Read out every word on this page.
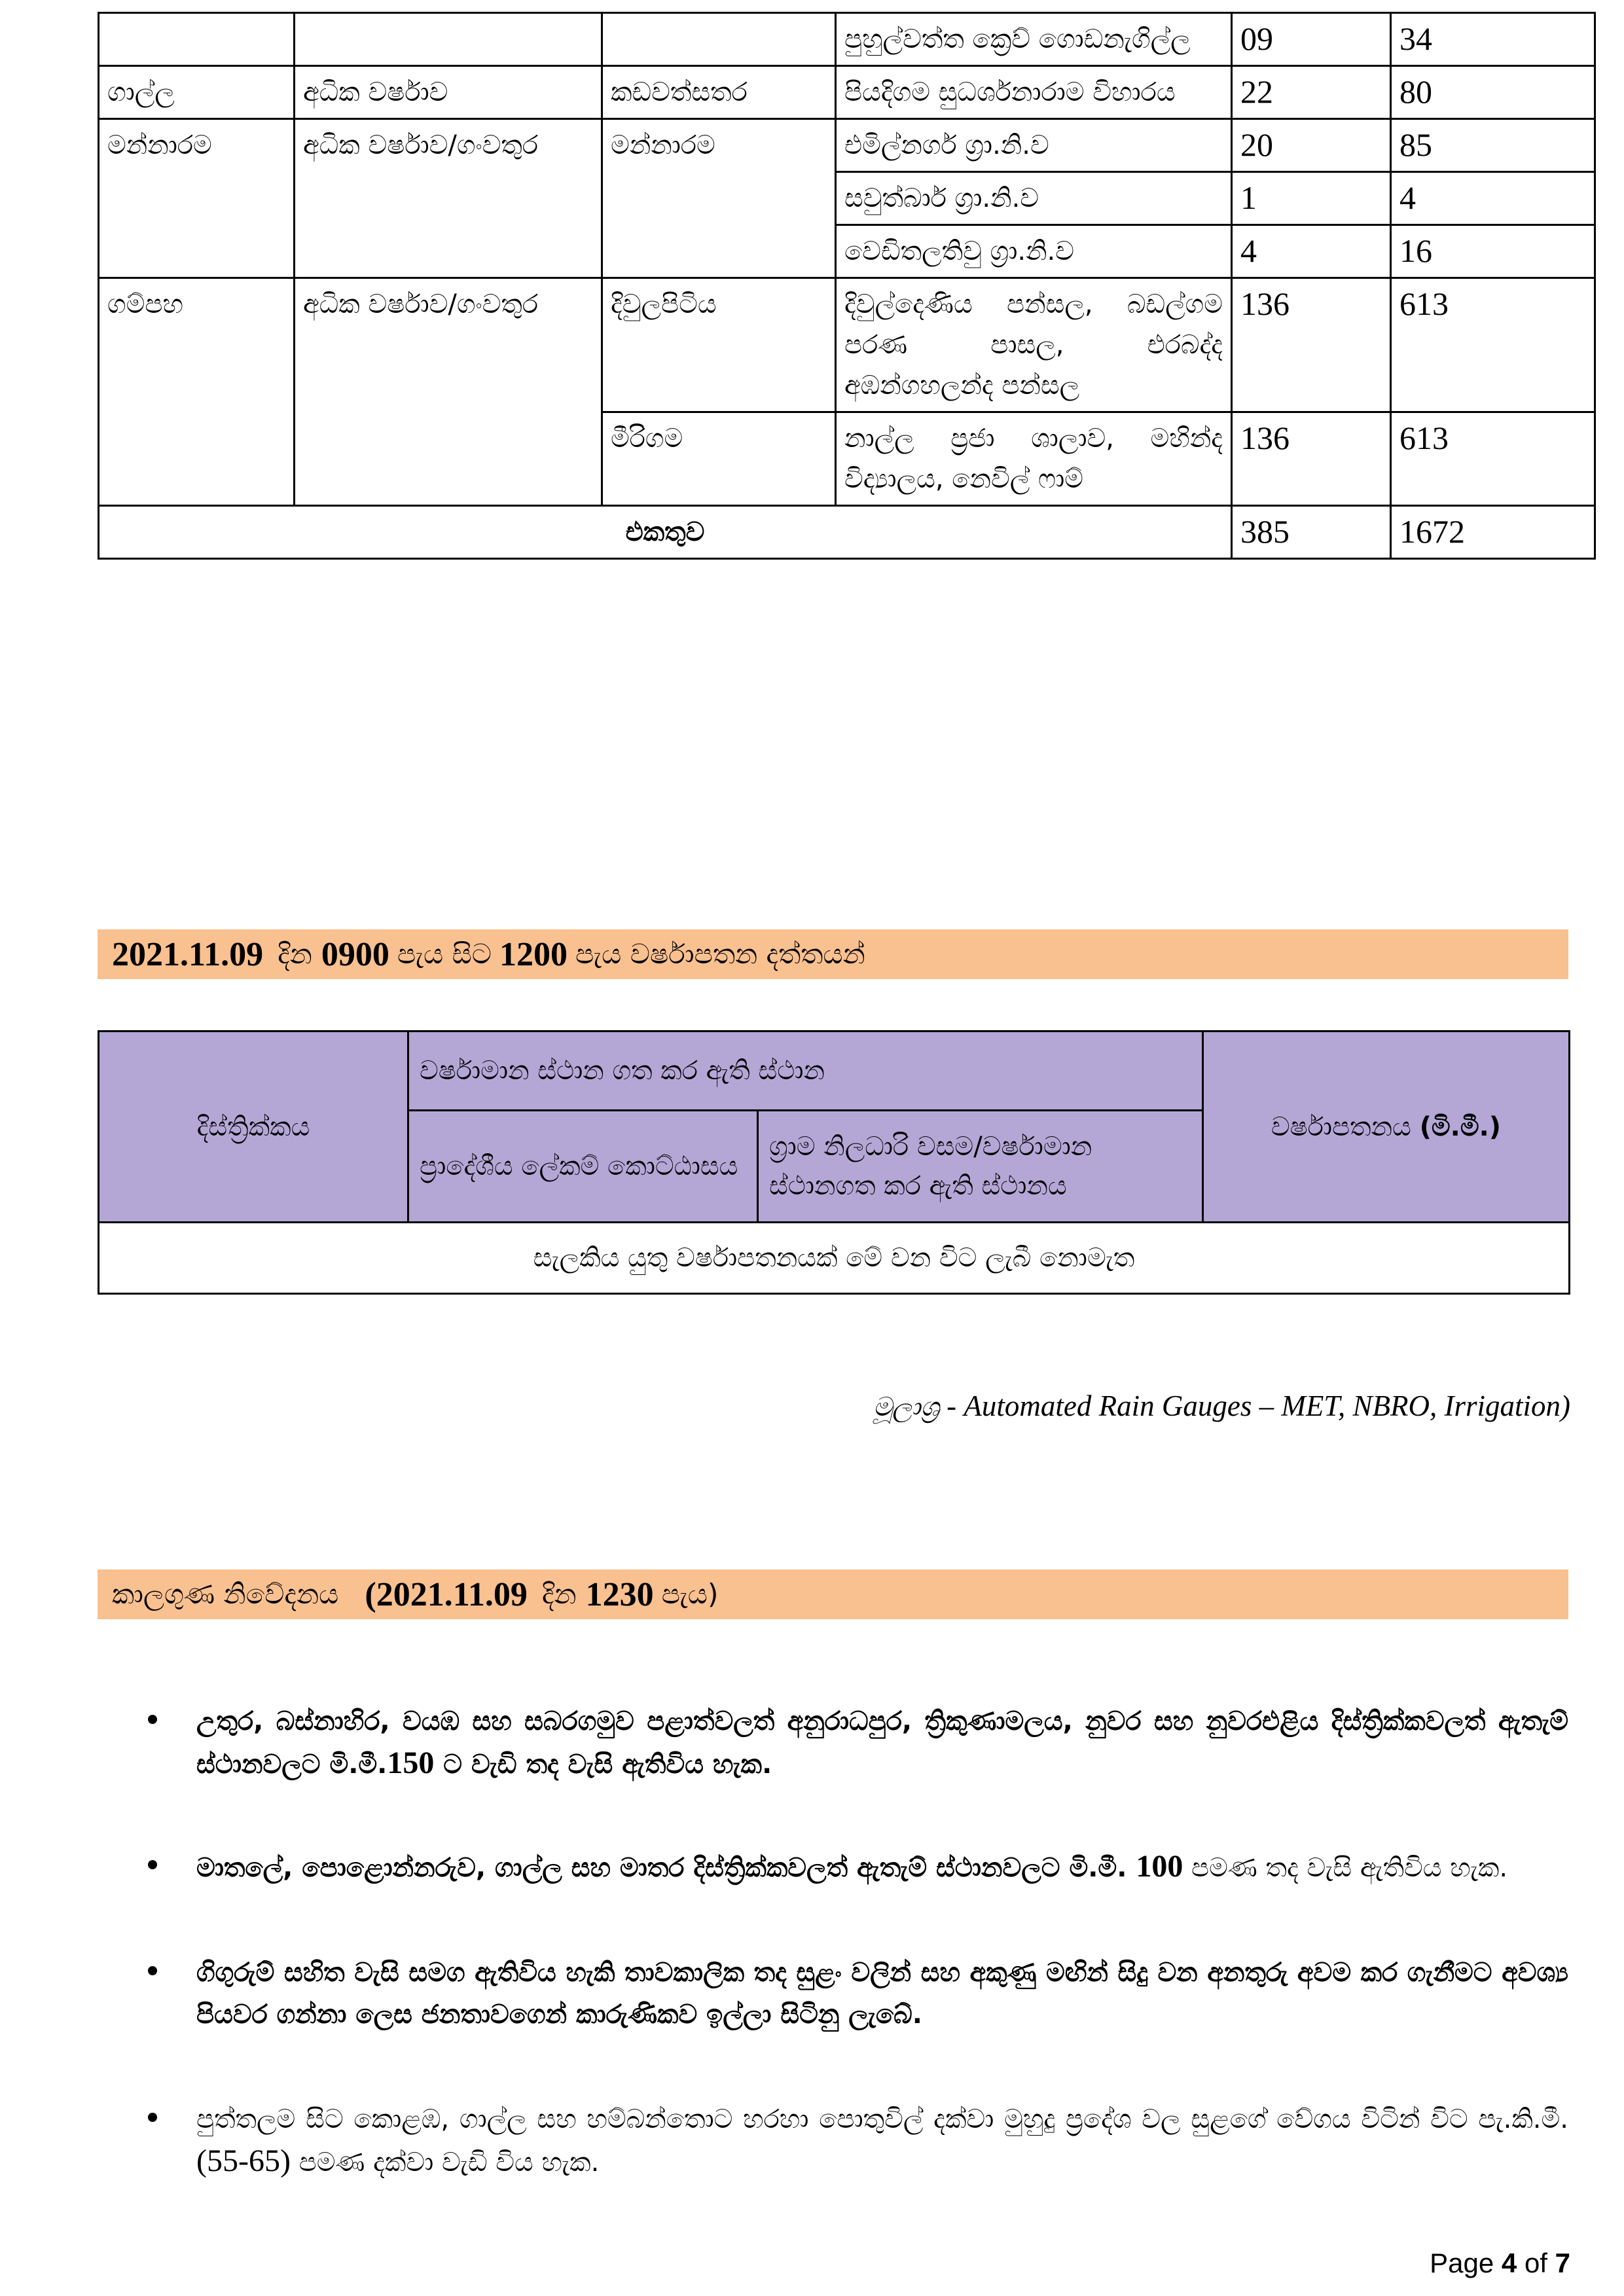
			පුහුල්වත්ත ක්‍රෙව් ගොඩනැගිල්ල	09	34
ගාල්ල	අධික වර්ෂාව	කඩවත්සතර	පියදිගම සුධර්ශනාරාම විහාරය	22	80
මන්නාරම	අධික වර්ෂාව/ගංවතුර	මන්නාරම	එමිල්නගර් ග්‍රා.නි.ව	20	85
			සවුත්බාර් ග්‍රා.නි.ව	1	4
			වෙඩිතලතිවු ග්‍රා.නි.ව	4	16
ගම්පහ	අධික වර්ෂාව/ගංවතුර	දිවුලපිටිය	දිවුල්දෙණිය පන්සල, බඩල්ගම පරණ පාසල, එරබද්ද අඹන්ගහලන්ද පන්සල	136	613
		මීරිගම	නාල්ල ප්‍රජා ශාලාව, මහින්ද විද්‍යාලය, නෙවිල් ෆාම්	136	613
එකතුව				385	1672
2021.11.09 දින 0900 පැය සිට 1200 පැය වර්ෂාපතන දත්තයන්
දිස්ත්‍රික්කය	වර්ෂාමාන ස්ථාන ගත කර ඇති ස්ථාන		වර්ෂාපතනය (මි.මී.)
	ප්‍රාදේශීය ලේකම් කොට්ඨාසය	ග්‍රාම නිලධාරි වසම/වර්ෂාමාන ස්ථානගත කර ඇති ස්ථානය	
සැලකිය යුතු වර්ෂාපතනයක් මේ වන විට ලැබී නොමැත			
මූලාශ්‍ර - Automated Rain Gauges – MET, NBRO, Irrigation)
කාලගුණ නිවේදනය (2021.11.09 දින 1230 පැය)
උතුර, බස්නාහිර, වයඹ සහ සබරගමුව පළාත්වලත් අනුරාධපුර, ත්‍රිකුණාමලය, නුවර සහ නුවරඑළිය දිස්ත්‍රික්කවලත් ඇතැම් ස්ථානවලට මි.මී.150 ට වැඩි තද වැසි ඇතිවිය හැක.
මාතලේ, පොළොන්නරුව, ගාල්ල සහ මාතර දිස්ත්‍රික්කවලත් ඇතැම් ස්ථානවලට මි.මී. 100 පමණ තද වැසි ඇතිවිය හැක.
ගිගුරුම් සහිත වැසි සමග ඇතිවිය හැකි තාවකාලික තද සුළං වලින් සහ අකුණු මඟින් සිදු වන අනතුරු අවම කර ගැනීමට අවශ්‍ය පියවර ගන්නා ලෙස ජනතාවගෙන් කාරුණිකව ඉල්ලා සිටිනු ලැබේ.
පුත්තලම සිට කොළඹ, ගාල්ල සහ හම්බන්තොට හරහා පොතුවිල් දක්වා මුහුදු ප්‍රදේශ වල සුළගේ වේගය විටින් විට පැ.කි.මී. (55-65) පමණ දක්වා වැඩි විය හැක.
Page 4 of 7
